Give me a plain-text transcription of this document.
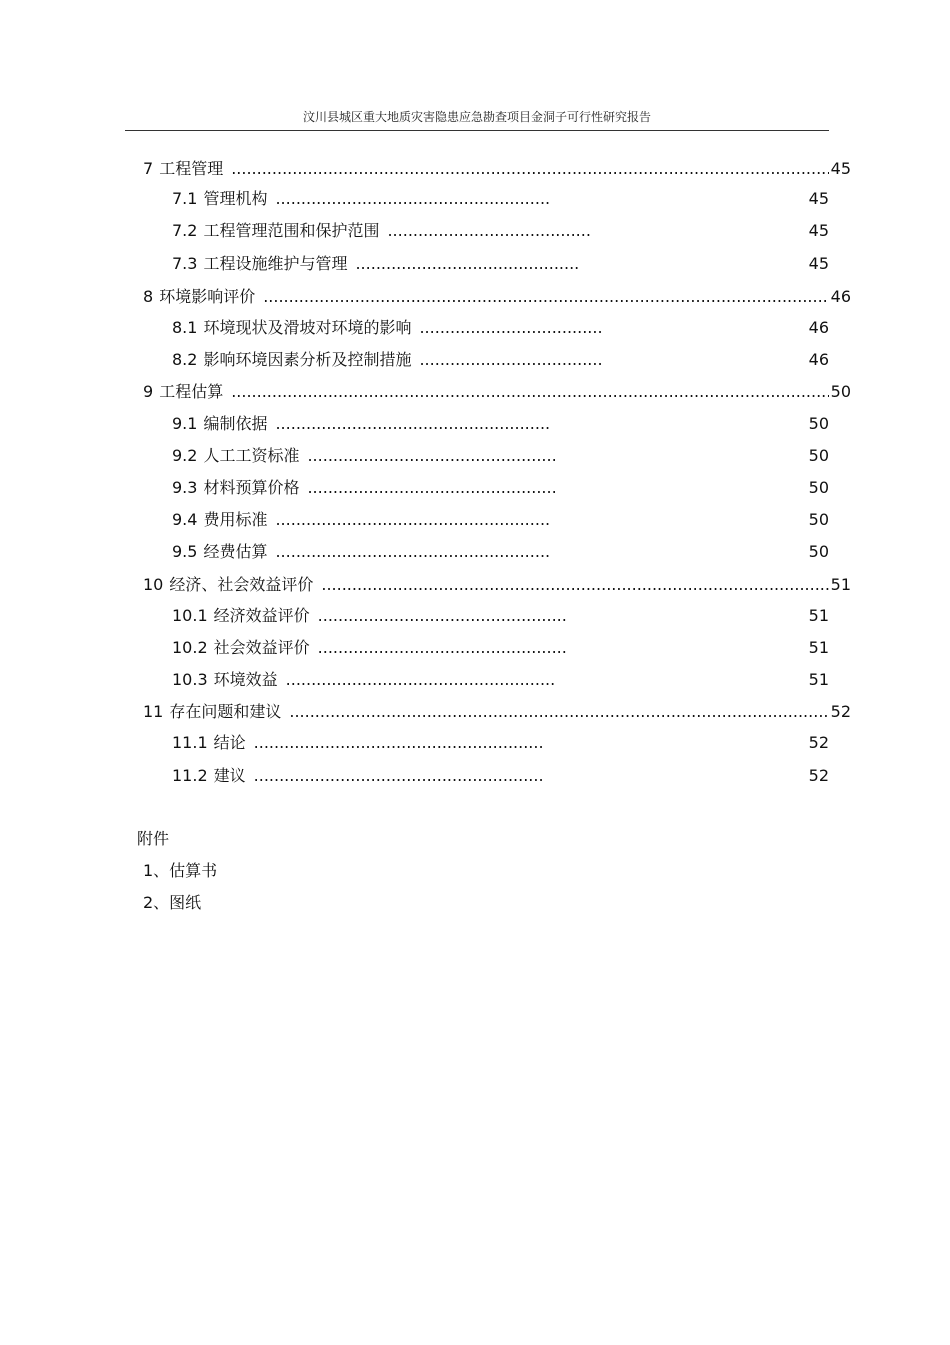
汶川县城区重大地质灾害隐患应急勘查项目金洞子可行性研究报告
7 工程管理 .....	45
7.1 管理机构 ......................................................	45
7.2 工程管理范围和保护范围 ........................................	45
7.3 工程设施维护与管理 ............................................	45
8 环境影响评价 .....	46
8.1 环境现状及滑坡对环境的影响 ....................................	46
8.2 影响环境因素分析及控制措施 ....................................	46
9 工程估算 .....	50
9.1 编制依据 ......................................................	50
9.2 人工工资标准 .................................................	50
9.3 材料预算价格 .................................................	50
9.4 费用标准 ......................................................	50
9.5 经费估算 ......................................................	50
10 经济、社会效益评价 .....	51
10.1 经济效益评价 .................................................	51
10.2 社会效益评价 .................................................	51
10.3 环境效益 .....................................................	51
11 存在问题和建议 .....	52
11.1 结论 .........................................................	52
11.2 建议 .........................................................	52
附件
1、估算书
2、图纸
